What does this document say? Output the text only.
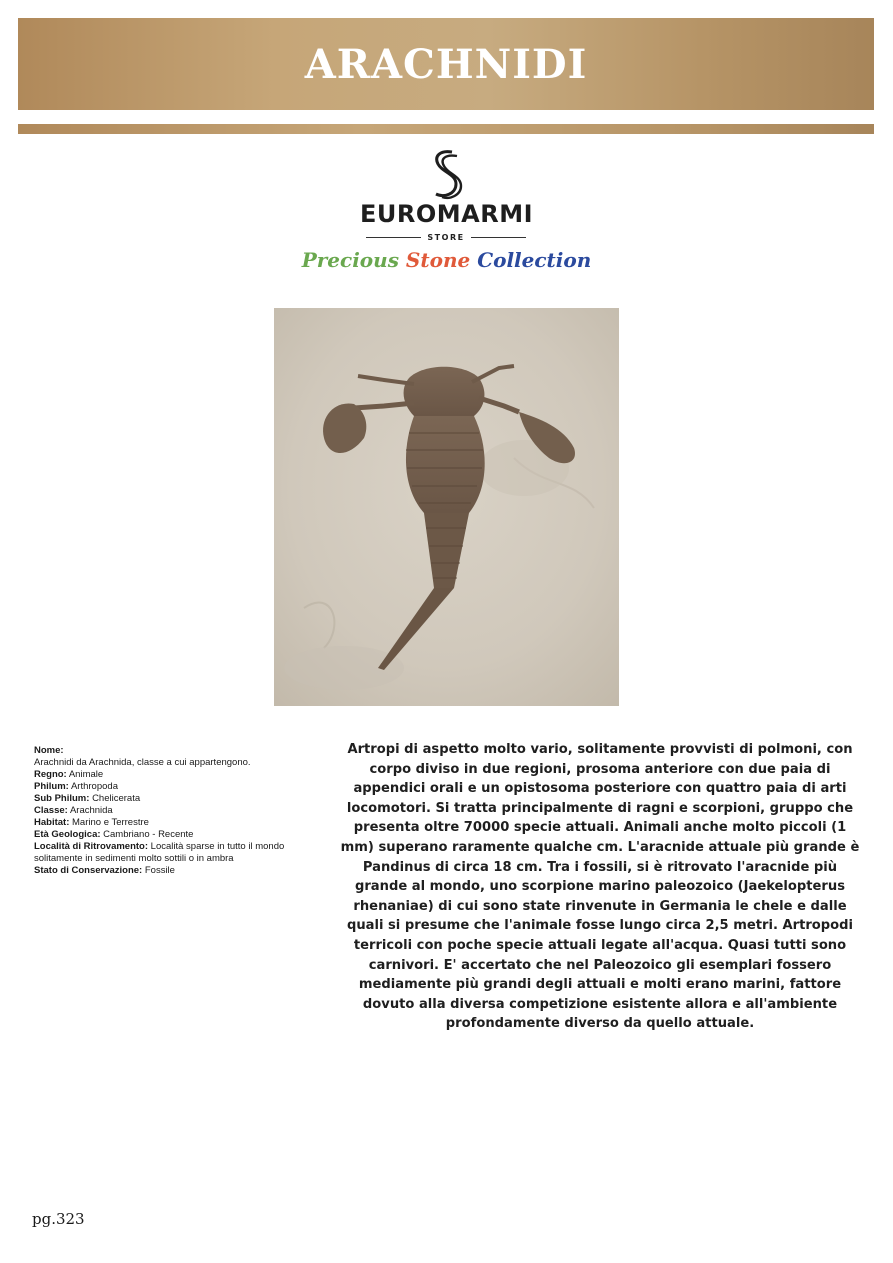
ARACHNIDI
EUROMARMI
STORE
Precious Stone Collection
Nome:
Arachnidi da Arachnida, classe a cui appartengono.
Regno: Animale
Philum: Arthropoda
Sub Philum: Chelicerata
Classe: Arachnida
Habitat: Marino e Terrestre
Età Geologica: Cambriano - Recente
Località di Ritrovamento: Località sparse in tutto il mondo solitamente in sedimenti molto sottili o in ambra
Stato di Conservazione: Fossile

Artropi di aspetto molto vario, solitamente provvisti di polmoni, con corpo diviso in due regioni, prosoma anteriore con due paia di appendici orali e un opistosoma posteriore con quattro paia di arti locomotori. Si tratta principalmente di ragni e scorpioni, gruppo che presenta oltre 70000 specie attuali. Animali anche molto piccoli (1 mm) superano raramente qualche cm. L'aracnide attuale più grande è Pandinus di circa 18 cm. Tra i fossili, si è ritrovato l'aracnide più grande al mondo, uno scorpione marino paleozoico (Jaekelopterus rhenaniae) di cui sono state rinvenute in Germania le chele e dalle quali si presume che l'animale fosse lungo circa 2,5 metri. Artropodi terricoli con poche specie attuali legate all'acqua. Quasi tutti sono carnivori. E' accertato che nel Paleozoico gli esemplari fossero mediamente più grandi degli attuali e molti erano marini, fattore dovuto alla diversa competizione esistente allora e all'ambiente profondamente diverso da quello attuale.

pg.323
